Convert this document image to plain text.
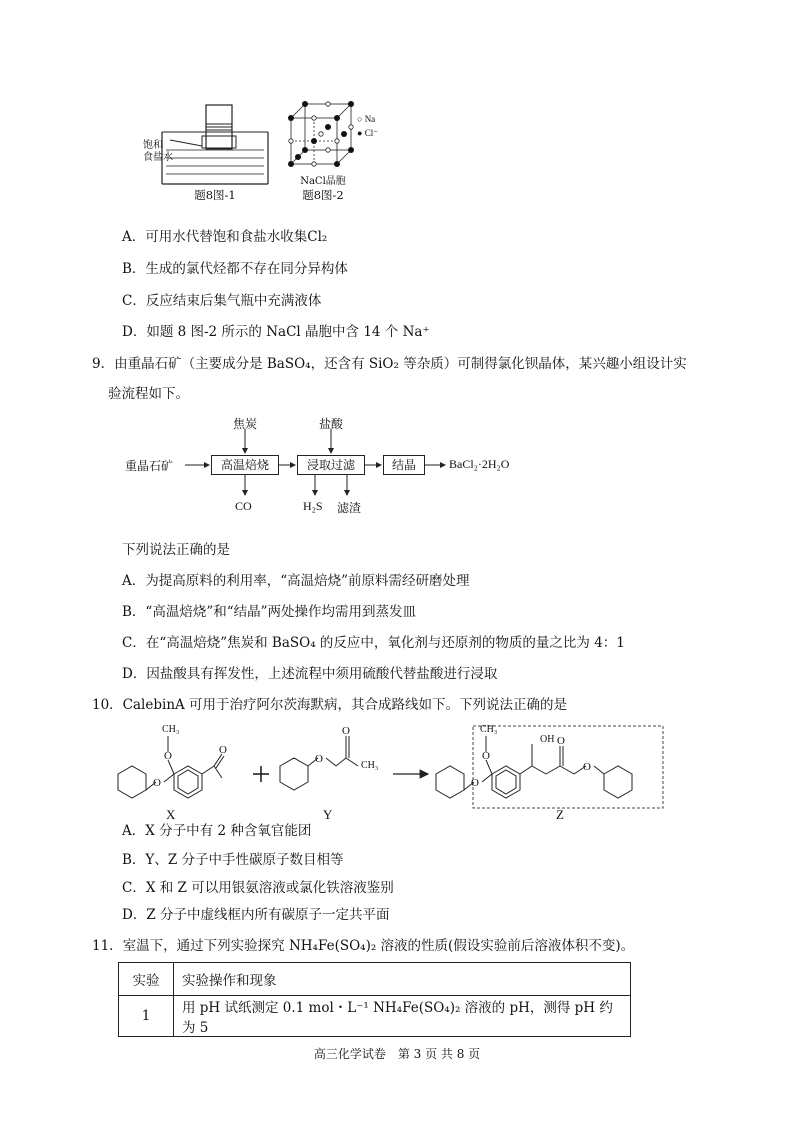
饱和
食盐水
题8图-1
○ Na
● Cl⁻
NaCl晶胞
题8图-2
A．可用水代替饱和食盐水收集Cl₂
B．生成的氯代烃都不存在同分异构体
C．反应结束后集气瓶中充满液体
D．如题 8 图-2 所示的 NaCl 晶胞中含 14 个 Na⁺
9．由重晶石矿（主要成分是 BaSO₄，还含有 SiO₂ 等杂质）可制得氯化钡晶体，某兴趣小组设计实
验流程如下。
重晶石矿
焦炭
高温焙烧
盐酸
浸取过滤	结晶	BaCl₂·2H₂O
CO	H₂S 滤渣
下列说法正确的是
A．为提高原料的利用率，“高温焙烧”前原料需经研磨处理
B．“高温焙烧”和“结晶”两处操作均需用到蒸发皿
C．在“高温焙烧”焦炭和 BaSO₄ 的反应中，氧化剂与还原剂的物质的量之比为 4：1
D．因盐酸具有挥发性，上述流程中须用硫酸代替盐酸进行浸取
10．CalebinA 可用于治疗阿尔茨海默病，其合成路线如下。下列说法正确的是
O
O	O
O
O
O
O
O
O
CH₃
CH₃
CH₃
OH
X	Y	Z
A．X 分子中有 2 种含氧官能团
B．Y、Z 分子中手性碳原子数目相等
C．X 和 Z 可以用银氨溶液或氯化铁溶液鉴别
D．Z 分子中虚线框内所有碳原子一定共平面
11．室温下，通过下列实验探究 NH₄Fe(SO₄)₂ 溶液的性质(假设实验前后溶液体积不变)。
实验	实验操作和现象
1	用 pH 试纸测定 0.1 mol・L⁻¹ NH₄Fe(SO₄)₂ 溶液的 pH，测得 pH 约为 5
高三化学试卷　第 3 页 共 8 页
